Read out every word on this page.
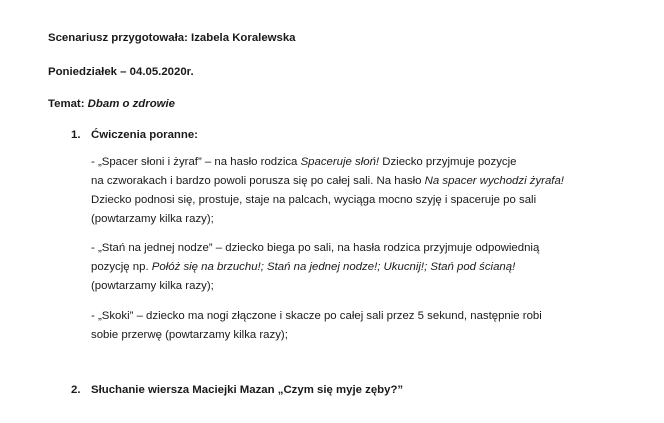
Scenariusz przygotowała: Izabela Koralewska
Poniedziałek – 04.05.2020r.
Temat: Dbam o zdrowie
1. Ćwiczenia poranne:
- „Spacer słoni i żyraf” – na hasło rodzica Spaceruje słoń! Dziecko przyjmuje pozycje
na czworakach i bardzo powoli porusza się po całej sali. Na hasło Na spacer wychodzi żyrafa!
Dziecko podnosi się, prostuje, staje na palcach, wyciąga mocno szyję i spaceruje po sali
(powtarzamy kilka razy);
- „Stań na jednej nodze” – dziecko biega po sali, na hasła rodzica przyjmuje odpowiednią
pozycję np. Połóż się na brzuchu!; Stań na jednej nodze!; Ukucnij!; Stań pod ścianą!
(powtarzamy kilka razy);
- „Skoki” – dziecko ma nogi złączone i skacze po całej sali przez 5 sekund, następnie robi
sobie przerwę (powtarzamy kilka razy);
2. Słuchanie wiersza Maciejki Mazan „Czym się myje zęby?”
